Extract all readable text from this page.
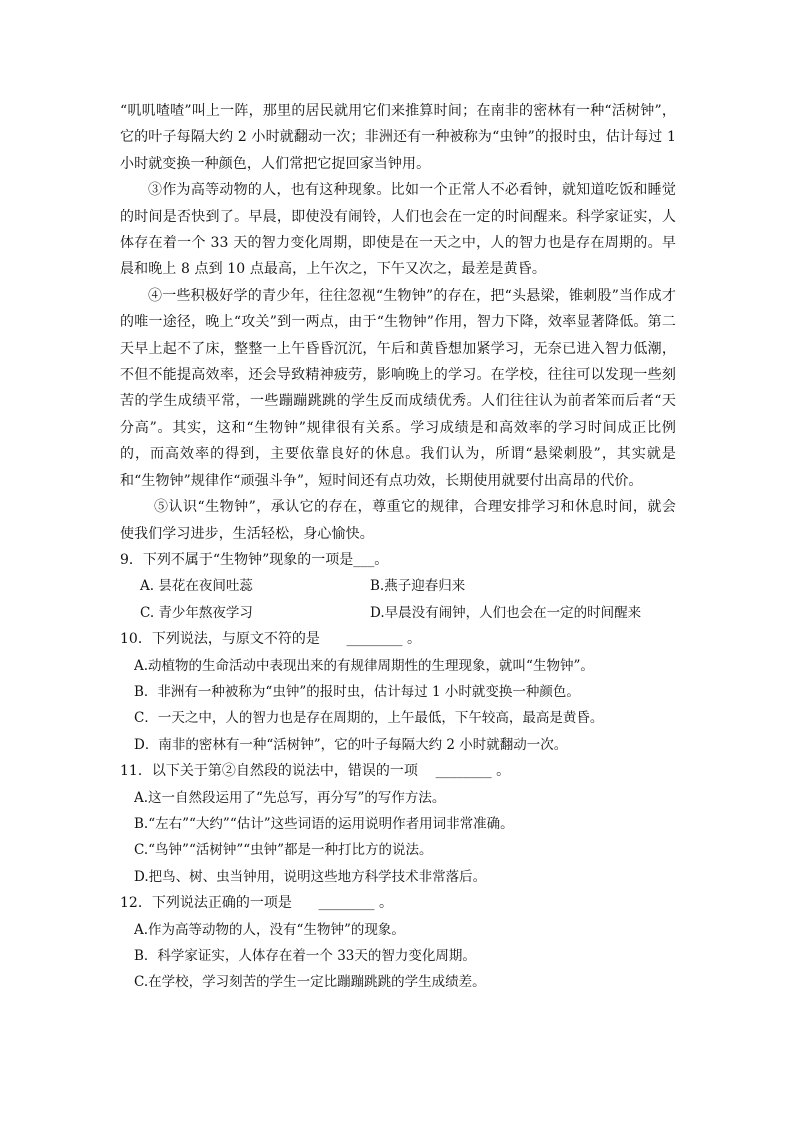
“叽叽喳喳”叫上一阵，那里的居民就用它们来推算时间；在南非的密林有一种“活树钟”，它的叶子每隔大约 2 小时就翻动一次；非洲还有一种被称为“虫钟”的报时虫，估计每过 1 小时就变换一种颜色，人们常把它捉回家当钟用。

③作为高等动物的人，也有这种现象。比如一个正常人不必看钟，就知道吃饭和睡觉的时间是否快到了。早晨，即使没有闹铃，人们也会在一定的时间醒来。科学家证实，人体存在着一个 33 天的智力变化周期，即使是在一天之中，人的智力也是存在周期的。早晨和晚上 8 点到 10 点最高，上午次之，下午又次之，最差是黄昏。

④一些积极好学的青少年，往往忽视“生物钟”的存在，把“头悬梁，锥刺股”当作成才的唯一途径，晚上“攻关”到一两点，由于“生物钟”作用，智力下降，效率显著降低。第二天早上起不了床，整整一上午昏昏沉沉，午后和黄昏想加紧学习，无奈已进入智力低潮，不但不能提高效率，还会导致精神疲劳，影响晚上的学习。在学校，往往可以发现一些刻苦的学生成绩平常，一些蹦蹦跳跳的学生反而成绩优秀。人们往往认为前者笨而后者“天分高”。其实，这和“生物钟”规律很有关系。学习成绩是和高效率的学习时间成正比例的，而高效率的得到，主要依靠良好的休息。我们认为，所谓“悬梁刺股”，其实就是和“生物钟”规律作“顽强斗争”，短时间还有点功效，长期使用就要付出高昂的代价。

⑤认识“生物钟”，承认它的存在，尊重它的规律，合理安排学习和休息时间，就会使我们学习进步，生活轻松，身心愉快。

9．下列不属于“生物钟”现象的一项是___。

A. 昙花在夜间吐蕊	B.燕子迎春归来
C. 青少年熬夜学习	D.早晨没有闹钟，人们也会在一定的时间醒来

10．下列说法，与原文不符的是      ________ 。

A.动植物的生命活动中表现出来的有规律周期性的生理现象，就叫“生物钟”。

B．非洲有一种被称为“虫钟”的报时虫，估计每过 1 小时就变换一种颜色。

C．一天之中，人的智力也是存在周期的，上午最低，下午较高，最高是黄昏。

D．南非的密林有一种“活树钟”，它的叶子每隔大约 2 小时就翻动一次。

11．以下关于第②自然段的说法中，错误的一项    ________ 。

A.这一自然段运用了“先总写，再分写”的写作方法。

B.“左右”“大约”“估计”这些词语的运用说明作者用词非常准确。

C.“鸟钟”“活树钟”“虫钟”都是一种打比方的说法。

D.把鸟、树、虫当钟用，说明这些地方科学技术非常落后。

12．下列说法正确的一项是      ________ 。

A.作为高等动物的人，没有“生物钟”的现象。

B．科学家证实，人体存在着一个 33天的智力变化周期。

C.在学校，学习刻苦的学生一定比蹦蹦跳跳的学生成绩差。
